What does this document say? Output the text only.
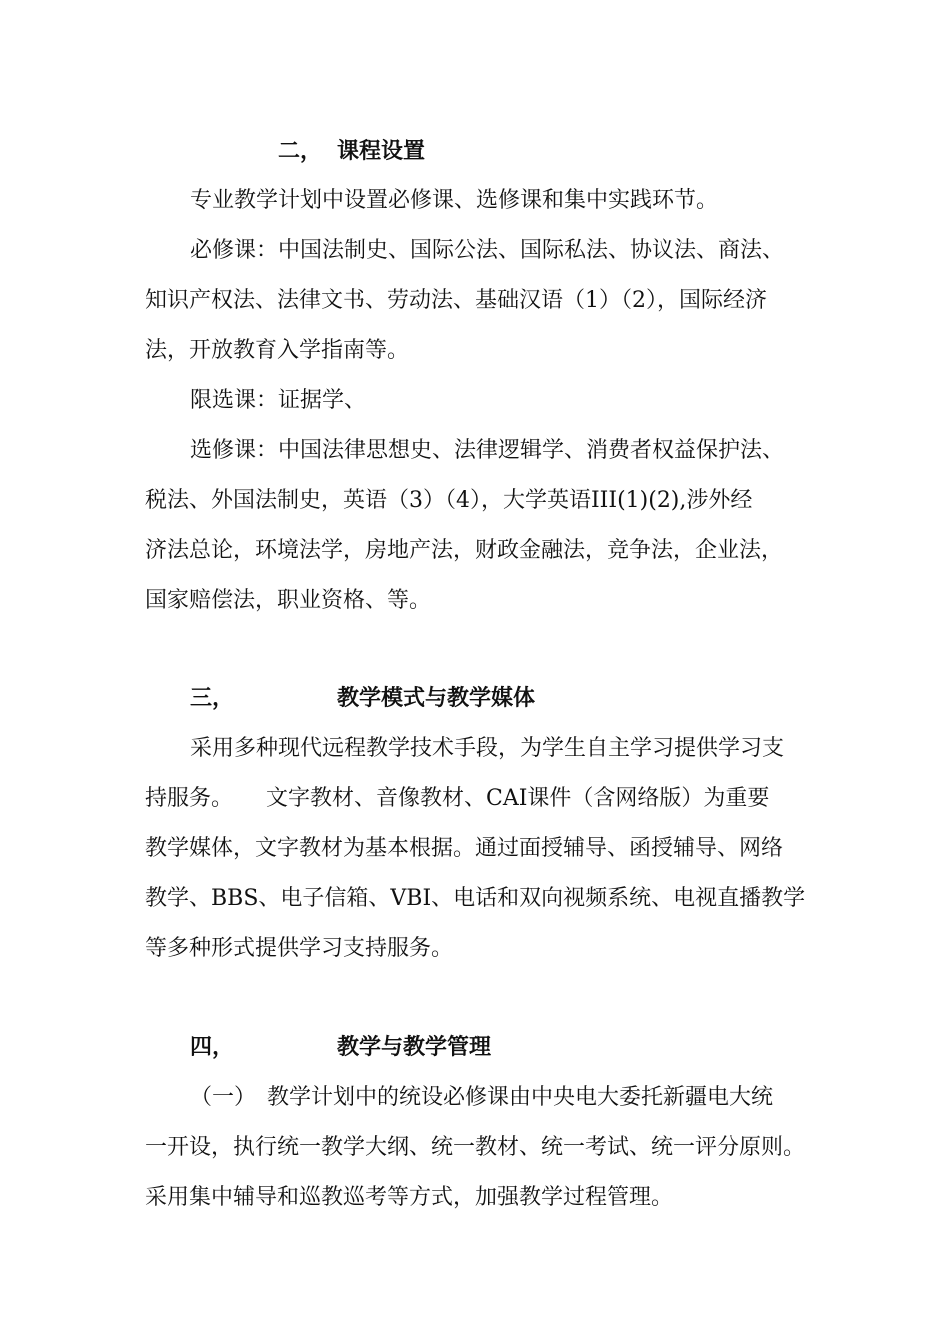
二， 课程设置
专业教学计划中设置必修课、选修课和集中实践环节。
必修课：中国法制史、国际公法、国际私法、协议法、商法、
知识产权法、法律文书、劳动法、基础汉语（1）（2），国际经济
法，开放教育入学指南等。
限选课：证据学、
选修课：中国法律思想史、法律逻辑学、消费者权益保护法、
税法、外国法制史，英语（3）（4），大学英语III(1)(2),涉外经
济法总论，环境法学，房地产法，财政金融法，竞争法，企业法，
国家赔偿法，职业资格、等。
三，	教学模式与教学媒体
采用多种现代远程教学技术手段，为学生自主学习提供学习支
持服务。　　文字教材、音像教材、CAI课件（含网络版）为重要
教学媒体，文字教材为基本根据。通过面授辅导、函授辅导、网络
教学、BBS、电子信箱、VBI、电话和双向视频系统、电视直播教学
等多种形式提供学习支持服务。
四，	教学与教学管理
（一）　教学计划中的统设必修课由中央电大委托新疆电大统
一开设，执行统一教学大纲、统一教材、统一考试、统一评分原则。
采用集中辅导和巡教巡考等方式，加强教学过程管理。
